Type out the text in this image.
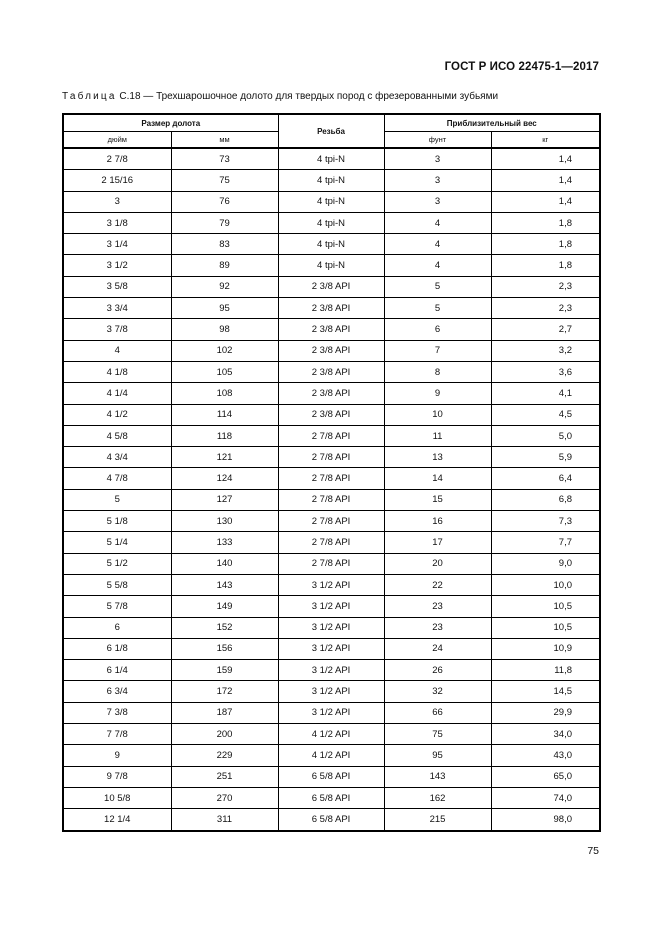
ГОСТ Р ИСО 22475-1—2017
Таблица С.18 — Трехшарошочное долото для твердых пород с фрезерованными зубьями
Размер долота		Резьба	Приблизительный вес	
дюйм	мм		фунт	кг
2 7/8	73	4 tpi-N	3	1,4
2 15/16	75	4 tpi-N	3	1,4
3	76	4 tpi-N	3	1,4
3 1/8	79	4 tpi-N	4	1,8
3 1/4	83	4 tpi-N	4	1,8
3 1/2	89	4 tpi-N	4	1,8
3 5/8	92	2 3/8 API	5	2,3
3 3/4	95	2 3/8 API	5	2,3
3 7/8	98	2 3/8 API	6	2,7
4	102	2 3/8 API	7	3,2
4 1/8	105	2 3/8 API	8	3,6
4 1/4	108	2 3/8 API	9	4,1
4 1/2	114	2 3/8 API	10	4,5
4 5/8	118	2 7/8 API	11	5,0
4 3/4	121	2 7/8 API	13	5,9
4 7/8	124	2 7/8 API	14	6,4
5	127	2 7/8 API	15	6,8
5 1/8	130	2 7/8 API	16	7,3
5 1/4	133	2 7/8 API	17	7,7
5 1/2	140	2 7/8 API	20	9,0
5 5/8	143	3 1/2 API	22	10,0
5 7/8	149	3 1/2 API	23	10,5
6	152	3 1/2 API	23	10,5
6 1/8	156	3 1/2 API	24	10,9
6 1/4	159	3 1/2 API	26	11,8
6 3/4	172	3 1/2 API	32	14,5
7 3/8	187	3 1/2 API	66	29,9
7 7/8	200	4 1/2 API	75	34,0
9	229	4 1/2 API	95	43,0
9 7/8	251	6 5/8 API	143	65,0
10 5/8	270	6 5/8 API	162	74,0
12 1/4	311	6 5/8 API	215	98,0
75
